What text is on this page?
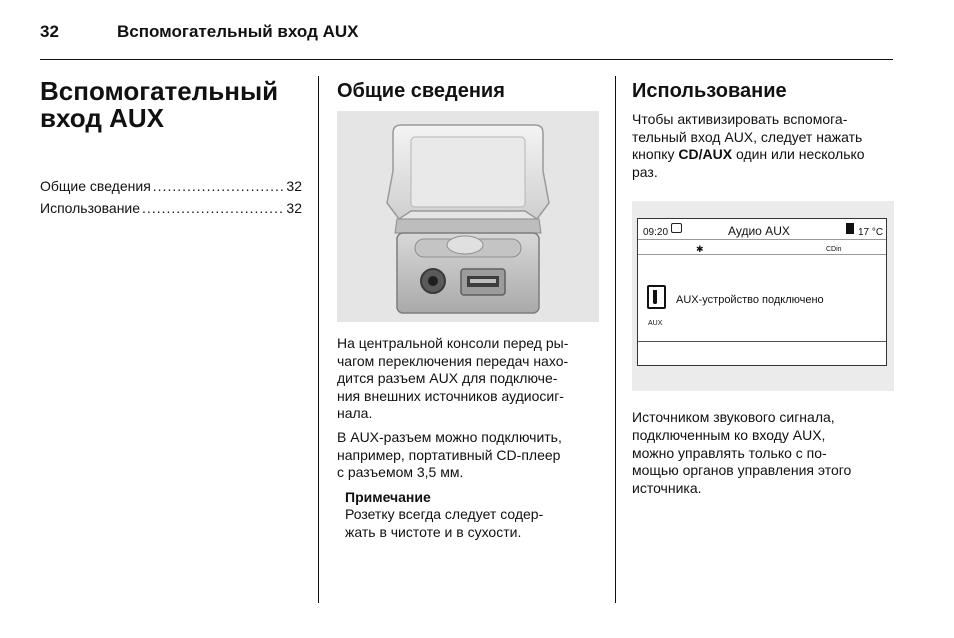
32	Вспомогательный вход AUX
Вспомогательный
вход AUX
Общие сведения .....	32
Использование .....	32
Общие сведения

На центральной консоли перед ры-
чагом переключения передач нахо-
дится разъем AUX для подключе-
ния внешних источников аудиосиг-
нала.

В AUX-разъем можно подключить,
например, портативный CD-плеер
с разъемом 3,5 мм.

Примечание
Розетку всегда следует содер-
жать в чистоте и в сухости.
Использование

Чтобы активизировать вспомога-
тельный вход AUX, следует нажать
кнопку CD/AUX один или несколько
раз.

09:20	Аудио AUX	17 °C
✱	CDin
AUX
AUX-устройство подключено

Источником звукового сигнала,
подключенным ко входу AUX,
можно управлять только с по-
мощью органов управления этого
источника.
